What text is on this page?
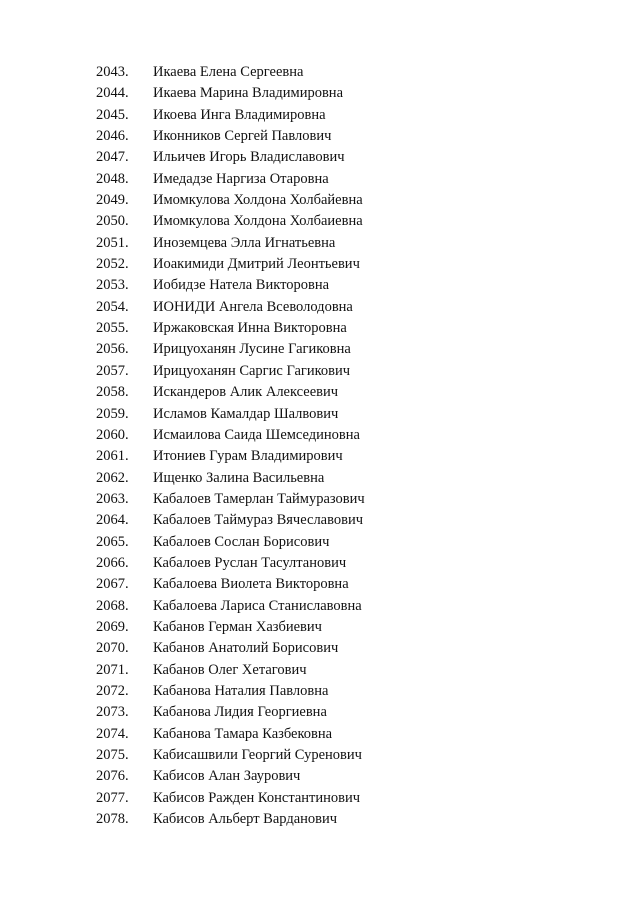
2043.	Икаева Елена Сергеевна
2044.	Икаева Марина Владимировна
2045.	Икоева Инга Владимировна
2046.	Иконников Сергей Павлович
2047.	Ильичев Игорь Владиславович
2048.	Имедадзе Наргиза Отаровна
2049.	Имомкулова Холдона Холбайевна
2050.	Имомкулова Холдона Холбаиевна
2051.	Иноземцева Элла Игнатьевна
2052.	Иоакимиди Дмитрий Леонтьевич
2053.	Иобидзе Натела Викторовна
2054.	ИОНИДИ Ангела Всеволодовна
2055.	Иржаковская Инна Викторовна
2056.	Ирицуоханян Лусине Гагиковна
2057.	Ирицуоханян Саргис Гагикович
2058.	Искандеров Алик Алексеевич
2059.	Исламов Камалдар Шалвович
2060.	Исмаилова Саида Шемсединовна
2061.	Итониев Гурам Владимирович
2062.	Ищенко Залина Васильевна
2063.	Кабалоев Тамерлан Таймуразович
2064.	Кабалоев Таймураз Вячеславович
2065.	Кабалоев Сослан Борисович
2066.	Кабалоев Руслан Тасултанович
2067.	Кабалоева Виолета Викторовна
2068.	Кабалоева Лариса Станиславовна
2069.	Кабанов Герман Хазбиевич
2070.	Кабанов Анатолий Борисович
2071.	Кабанов Олег Хетагович
2072.	Кабанова Наталия Павловна
2073.	Кабанова Лидия Георгиевна
2074.	Кабанова Тамара Казбековна
2075.	Кабисашвили Георгий Суренович
2076.	Кабисов Алан Заурович
2077.	Кабисов Ражден Константинович
2078.	Кабисов Альберт Варданович
